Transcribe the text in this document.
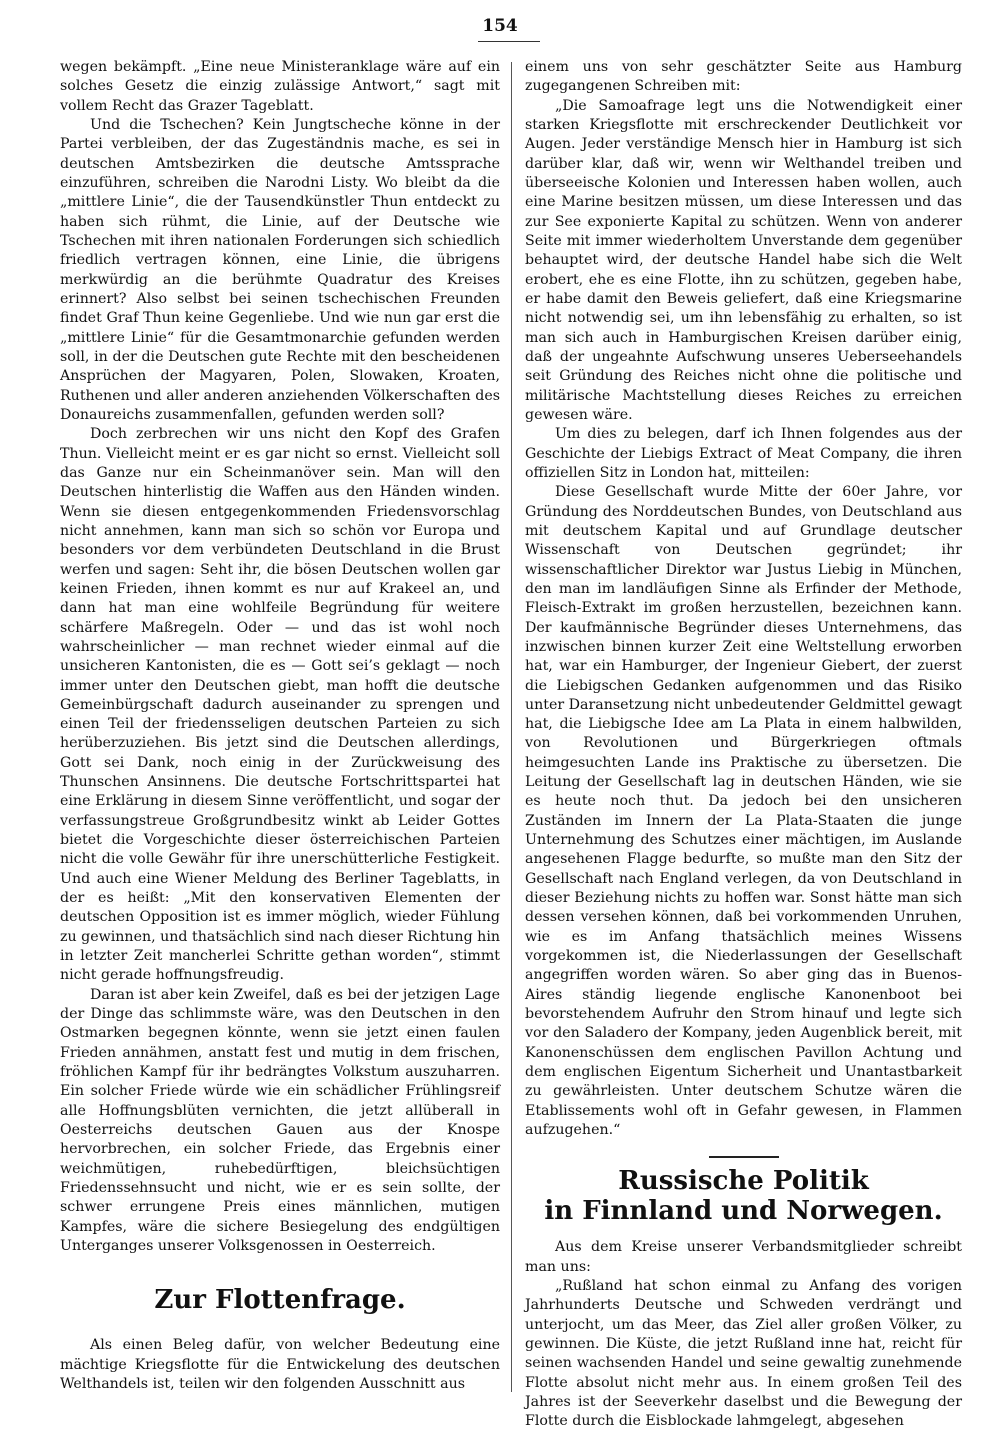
154

wegen bekämpft. „Eine neue Ministeranklage wäre auf ein solches Gesetz die einzig zulässige Antwort,“ sagt mit vollem Recht das Grazer Tageblatt.

Und die Tschechen? Kein Jungtscheche könne in der Partei verbleiben, der das Zugeständnis mache, es sei in deutschen Amtsbezirken die deutsche Amtssprache einzuführen, schreiben die Narodni Listy. Wo bleibt da die „mittlere Linie“, die der Tausendkünstler Thun entdeckt zu haben sich rühmt, die Linie, auf der Deutsche wie Tschechen mit ihren nationalen Forderungen sich schiedlich friedlich vertragen können, eine Linie, die übrigens merkwürdig an die berühmte Quadratur des Kreises erinnert? Also selbst bei seinen tschechischen Freunden findet Graf Thun keine Gegenliebe. Und wie nun gar erst die „mittlere Linie“ für die Gesamtmonarchie gefunden werden soll, in der die Deutschen gute Rechte mit den bescheidenen Ansprüchen der Magyaren, Polen, Slowaken, Kroaten, Ruthenen und aller anderen anziehenden Völkerschaften des Donaureichs zusammenfallen, gefunden werden soll?

Doch zerbrechen wir uns nicht den Kopf des Grafen Thun. Vielleicht meint er es gar nicht so ernst. Vielleicht soll das Ganze nur ein Scheinmanöver sein. Man will den Deutschen hinterlistig die Waffen aus den Händen winden. Wenn sie diesen entgegenkommenden Friedensvorschlag nicht annehmen, kann man sich so schön vor Europa und besonders vor dem verbündeten Deutschland in die Brust werfen und sagen: Seht ihr, die bösen Deutschen wollen gar keinen Frieden, ihnen kommt es nur auf Krakeel an, und dann hat man eine wohlfeile Begründung für weitere schärfere Maßregeln. Oder — und das ist wohl noch wahrscheinlicher — man rechnet wieder einmal auf die unsicheren Kantonisten, die es — Gott sei’s geklagt — noch immer unter den Deutschen giebt, man hofft die deutsche Gemeinbürgschaft dadurch auseinander zu sprengen und einen Teil der friedensseligen deutschen Parteien zu sich herüberzuziehen. Bis jetzt sind die Deutschen allerdings, Gott sei Dank, noch einig in der Zurückweisung des Thunschen Ansinnens. Die deutsche Fortschrittspartei hat eine Erklärung in diesem Sinne veröffentlicht, und sogar der verfassungstreue Großgrundbesitz winkt ab Leider Gottes bietet die Vorgeschichte dieser österreichischen Parteien nicht die volle Gewähr für ihre unerschütterliche Festigkeit. Und auch eine Wiener Meldung des Berliner Tageblatts, in der es heißt: „Mit den konservativen Elementen der deutschen Opposition ist es immer möglich, wieder Fühlung zu gewinnen, und thatsächlich sind nach dieser Richtung hin in letzter Zeit mancherlei Schritte gethan worden“, stimmt nicht gerade hoffnungsfreudig.

Daran ist aber kein Zweifel, daß es bei der jetzigen Lage der Dinge das schlimmste wäre, was den Deutschen in den Ostmarken begegnen könnte, wenn sie jetzt einen faulen Frieden annähmen, anstatt fest und mutig in dem frischen, fröhlichen Kampf für ihr bedrängtes Volkstum auszuharren. Ein solcher Friede würde wie ein schädlicher Frühlingsreif alle Hoffnungsblüten vernichten, die jetzt allüberall in Oesterreichs deutschen Gauen aus der Knospe hervorbrechen, ein solcher Friede, das Ergebnis einer weichmütigen, ruhebedürftigen, bleichsüchtigen Friedenssehnsucht und nicht, wie er es sein sollte, der schwer errungene Preis eines männlichen, mutigen Kampfes, wäre die sichere Besiegelung des endgültigen Unterganges unserer Volksgenossen in Oesterreich.

Zur Flottenfrage.

Als einen Beleg dafür, von welcher Bedeutung eine mächtige Kriegsflotte für die Entwickelung des deutschen Welthandels ist, teilen wir den folgenden Ausschnitt aus

einem uns von sehr geschätzter Seite aus Hamburg zugegangenen Schreiben mit:

„Die Samoafrage legt uns die Notwendigkeit einer starken Kriegsflotte mit erschreckender Deutlichkeit vor Augen. Jeder verständige Mensch hier in Hamburg ist sich darüber klar, daß wir, wenn wir Welthandel treiben und überseeische Kolonien und Interessen haben wollen, auch eine Marine besitzen müssen, um diese Interessen und das zur See exponierte Kapital zu schützen. Wenn von anderer Seite mit immer wiederholtem Unverstande dem gegenüber behauptet wird, der deutsche Handel habe sich die Welt erobert, ehe es eine Flotte, ihn zu schützen, gegeben habe, er habe damit den Beweis geliefert, daß eine Kriegsmarine nicht notwendig sei, um ihn lebensfähig zu erhalten, so ist man sich auch in Hamburgischen Kreisen darüber einig, daß der ungeahnte Aufschwung unseres Ueberseehandels seit Gründung des Reiches nicht ohne die politische und militärische Machtstellung dieses Reiches zu erreichen gewesen wäre.

Um dies zu belegen, darf ich Ihnen folgendes aus der Geschichte der Liebigs Extract of Meat Company, die ihren offiziellen Sitz in London hat, mitteilen:

Diese Gesellschaft wurde Mitte der 60er Jahre, vor Gründung des Norddeutschen Bundes, von Deutschland aus mit deutschem Kapital und auf Grundlage deutscher Wissenschaft von Deutschen gegründet; ihr wissenschaftlicher Direktor war Justus Liebig in München, den man im landläufigen Sinne als Erfinder der Methode, Fleisch-Extrakt im großen herzustellen, bezeichnen kann. Der kaufmännische Begründer dieses Unternehmens, das inzwischen binnen kurzer Zeit eine Weltstellung erworben hat, war ein Hamburger, der Ingenieur Giebert, der zuerst die Liebigschen Gedanken aufgenommen und das Risiko unter Daransetzung nicht unbedeutender Geldmittel gewagt hat, die Liebigsche Idee am La Plata in einem halbwilden, von Revolutionen und Bürgerkriegen oftmals heimgesuchten Lande ins Praktische zu übersetzen. Die Leitung der Gesellschaft lag in deutschen Händen, wie sie es heute noch thut. Da jedoch bei den unsicheren Zuständen im Innern der La Plata-Staaten die junge Unternehmung des Schutzes einer mächtigen, im Auslande angesehenen Flagge bedurfte, so mußte man den Sitz der Gesellschaft nach England verlegen, da von Deutschland in dieser Beziehung nichts zu hoffen war. Sonst hätte man sich dessen versehen können, daß bei vorkommenden Unruhen, wie es im Anfang thatsächlich meines Wissens vorgekommen ist, die Niederlassungen der Gesellschaft angegriffen worden wären. So aber ging das in Buenos-Aires ständig liegende englische Kanonenboot bei bevorstehendem Aufruhr den Strom hinauf und legte sich vor den Saladero der Kompany, jeden Augenblick bereit, mit Kanonenschüssen dem englischen Pavillon Achtung und dem englischen Eigentum Sicherheit und Unantastbarkeit zu gewährleisten. Unter deutschem Schutze wären die Etablissements wohl oft in Gefahr gewesen, in Flammen aufzugehen.“

Russische Politik
in Finnland und Norwegen.

Aus dem Kreise unserer Verbandsmitglieder schreibt man uns:

„Rußland hat schon einmal zu Anfang des vorigen Jahrhunderts Deutsche und Schweden verdrängt und unterjocht, um das Meer, das Ziel aller großen Völker, zu gewinnen. Die Küste, die jetzt Rußland inne hat, reicht für seinen wachsenden Handel und seine gewaltig zunehmende Flotte absolut nicht mehr aus. In einem großen Teil des Jahres ist der Seeverkehr daselbst und die Bewegung der Flotte durch die Eisblockade lahmgelegt, abgesehen
